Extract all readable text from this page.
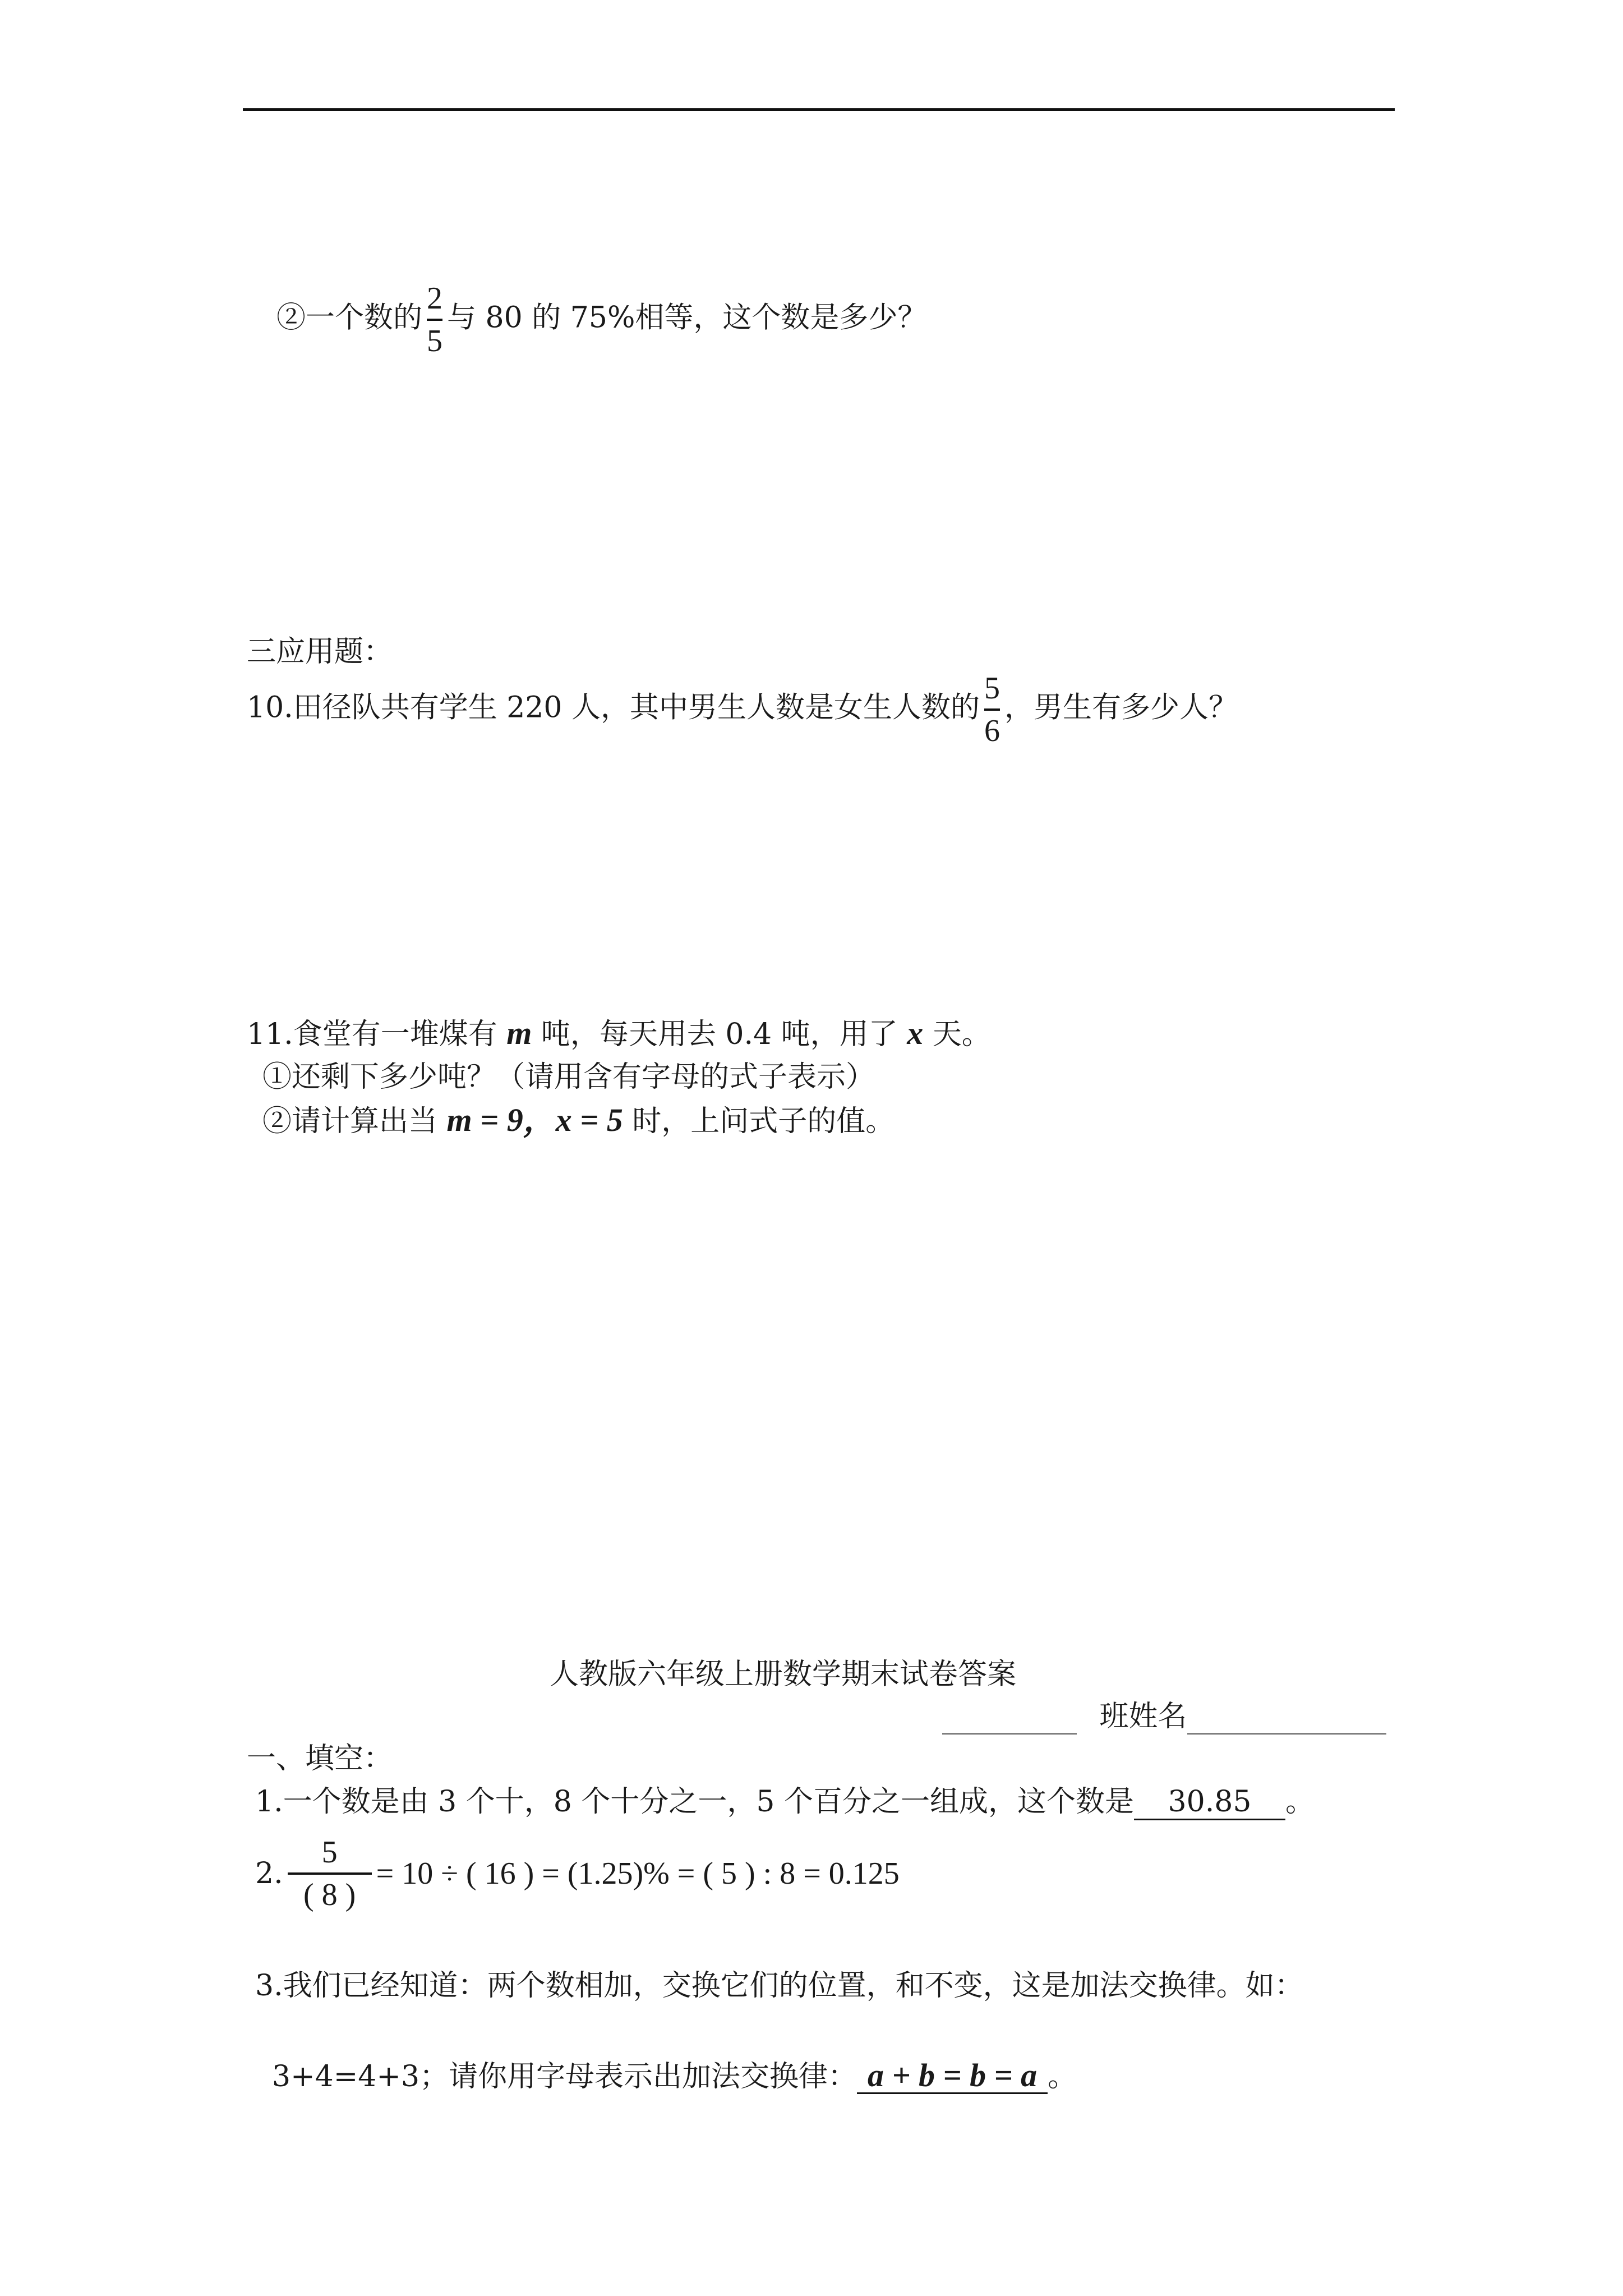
②一个数的 $\frac{2}{5}$ 与 80 的 75%相等，这个数是多少？
三应用题：
10.田径队共有学生 220 人，其中男生人数是女生人数的 $\frac{5}{6}$ ，男生有多少人？
11.食堂有一堆煤有 m 吨，每天用去 0.4 吨，用了 x 天。
①还剩下多少吨？（请用含有字母的式子表示）
②请计算出当 m = 9，x = 5 时，上问式子的值。
人教版六年级上册数学期末试卷答案
班姓名
一、填空：
1.一个数是由 3 个十，8 个十分之一，5 个百分之一组成，这个数是 30.85 。
2. $\frac{5}{( 8 )} = 10$ ÷ ( 16 ) = (1.25)% = ( 5 ) : 8 = 0.125
3.我们已经知道：两个数相加，交换它们的位置，和不变，这是加法交换律。如：
3+4=4+3；请你用字母表示出加法交换律： a + b = b = a 。
